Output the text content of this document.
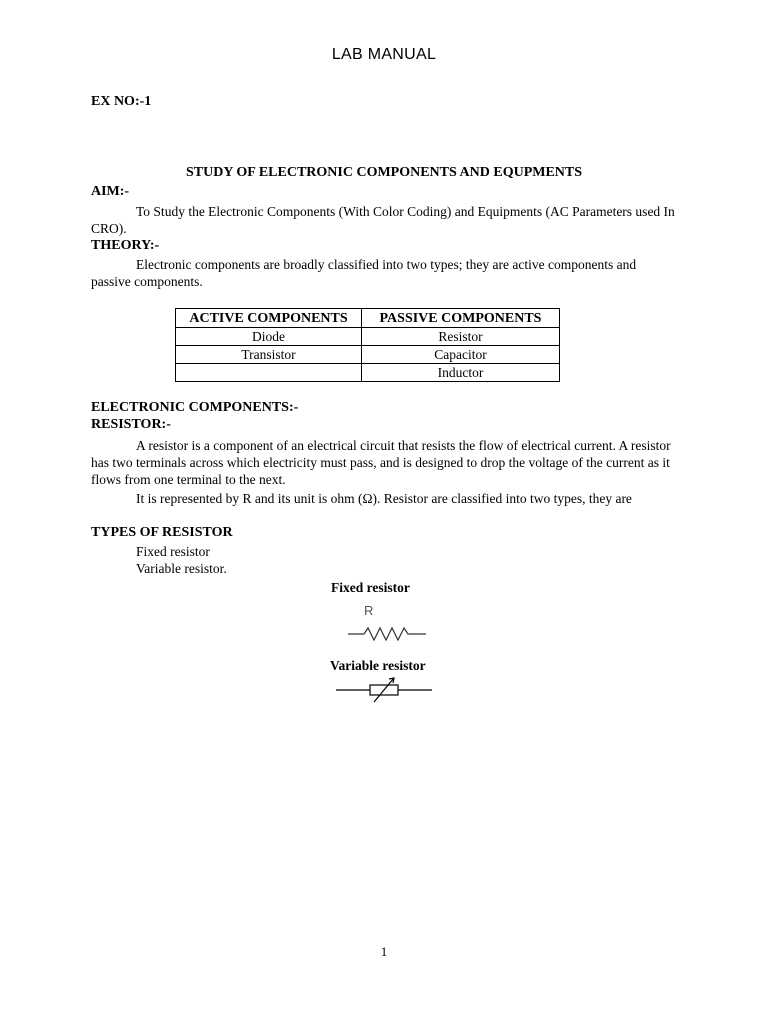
LAB MANUAL
EX NO:-1
STUDY OF ELECTRONIC COMPONENTS AND EQUPMENTS
AIM:-
To Study the Electronic Components (With Color Coding) and Equipments (AC Parameters used In CRO).
THEORY:-
Electronic components are broadly classified into two types; they are active components and passive components.
ACTIVE COMPONENTS	PASSIVE COMPONENTS
Diode	Resistor
Transistor	Capacitor
	Inductor
ELECTRONIC COMPONENTS:-
RESISTOR:-
A resistor is a component of an electrical circuit that resists the flow of electrical current. A resistor has two terminals across which electricity must pass, and is designed to drop the voltage of the current as it flows from one terminal to the next.
It is represented by R and its unit is ohm (Ω). Resistor are classified into two types, they are
TYPES OF RESISTOR
Fixed resistor
Variable resistor.
Fixed resistor
R
Variable resistor
1
